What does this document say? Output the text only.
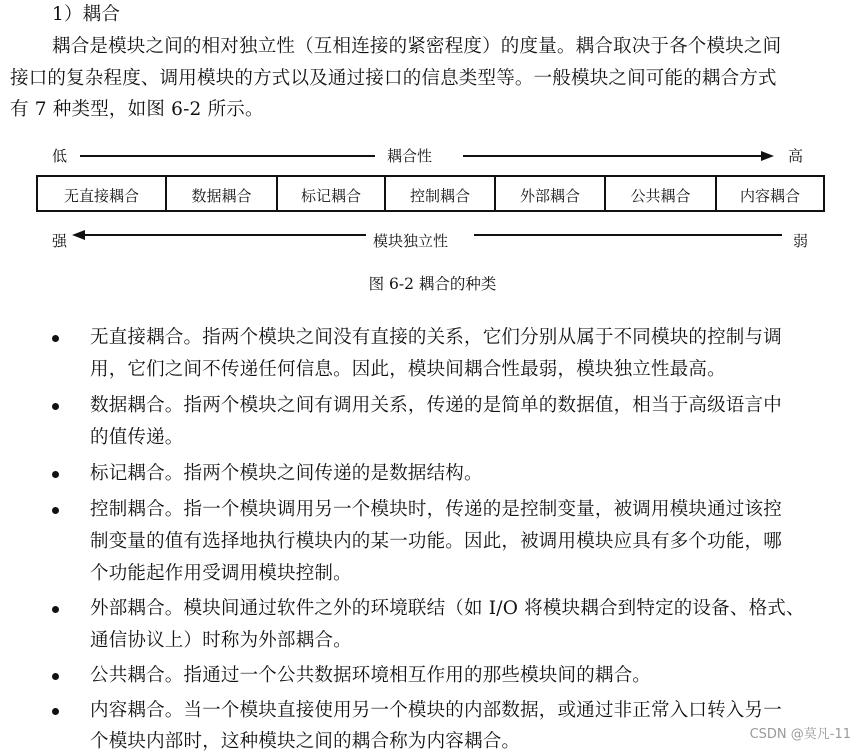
1）耦合
耦合是模块之间的相对独立性（互相连接的紧密程度）的度量。耦合取决于各个模块之间
接口的复杂程度、调用模块的方式以及通过接口的信息类型等。一般模块之间可能的耦合方式
有 7 种类型，如图 6-2 所示。
低	耦合性	高
无直接耦合	数据耦合	标记耦合	控制耦合	外部耦合	公共耦合	内容耦合
强	模块独立性	弱
图 6-2 耦合的种类
无直接耦合。指两个模块之间没有直接的关系，它们分别从属于不同模块的控制与调
用，它们之间不传递任何信息。因此，模块间耦合性最弱，模块独立性最高。
数据耦合。指两个模块之间有调用关系，传递的是简单的数据值，相当于高级语言中
的值传递。
标记耦合。指两个模块之间传递的是数据结构。
控制耦合。指一个模块调用另一个模块时，传递的是控制变量，被调用模块通过该控
制变量的值有选择地执行模块内的某一功能。因此，被调用模块应具有多个功能，哪
个功能起作用受调用模块控制。
外部耦合。模块间通过软件之外的环境联结（如 I/O 将模块耦合到特定的设备、格式、
通信协议上）时称为外部耦合。
公共耦合。指通过一个公共数据环境相互作用的那些模块间的耦合。
内容耦合。当一个模块直接使用另一个模块的内部数据，或通过非正常入口转入另一
个模块内部时，这种模块之间的耦合称为内容耦合。	CSDN @莫凡-11
